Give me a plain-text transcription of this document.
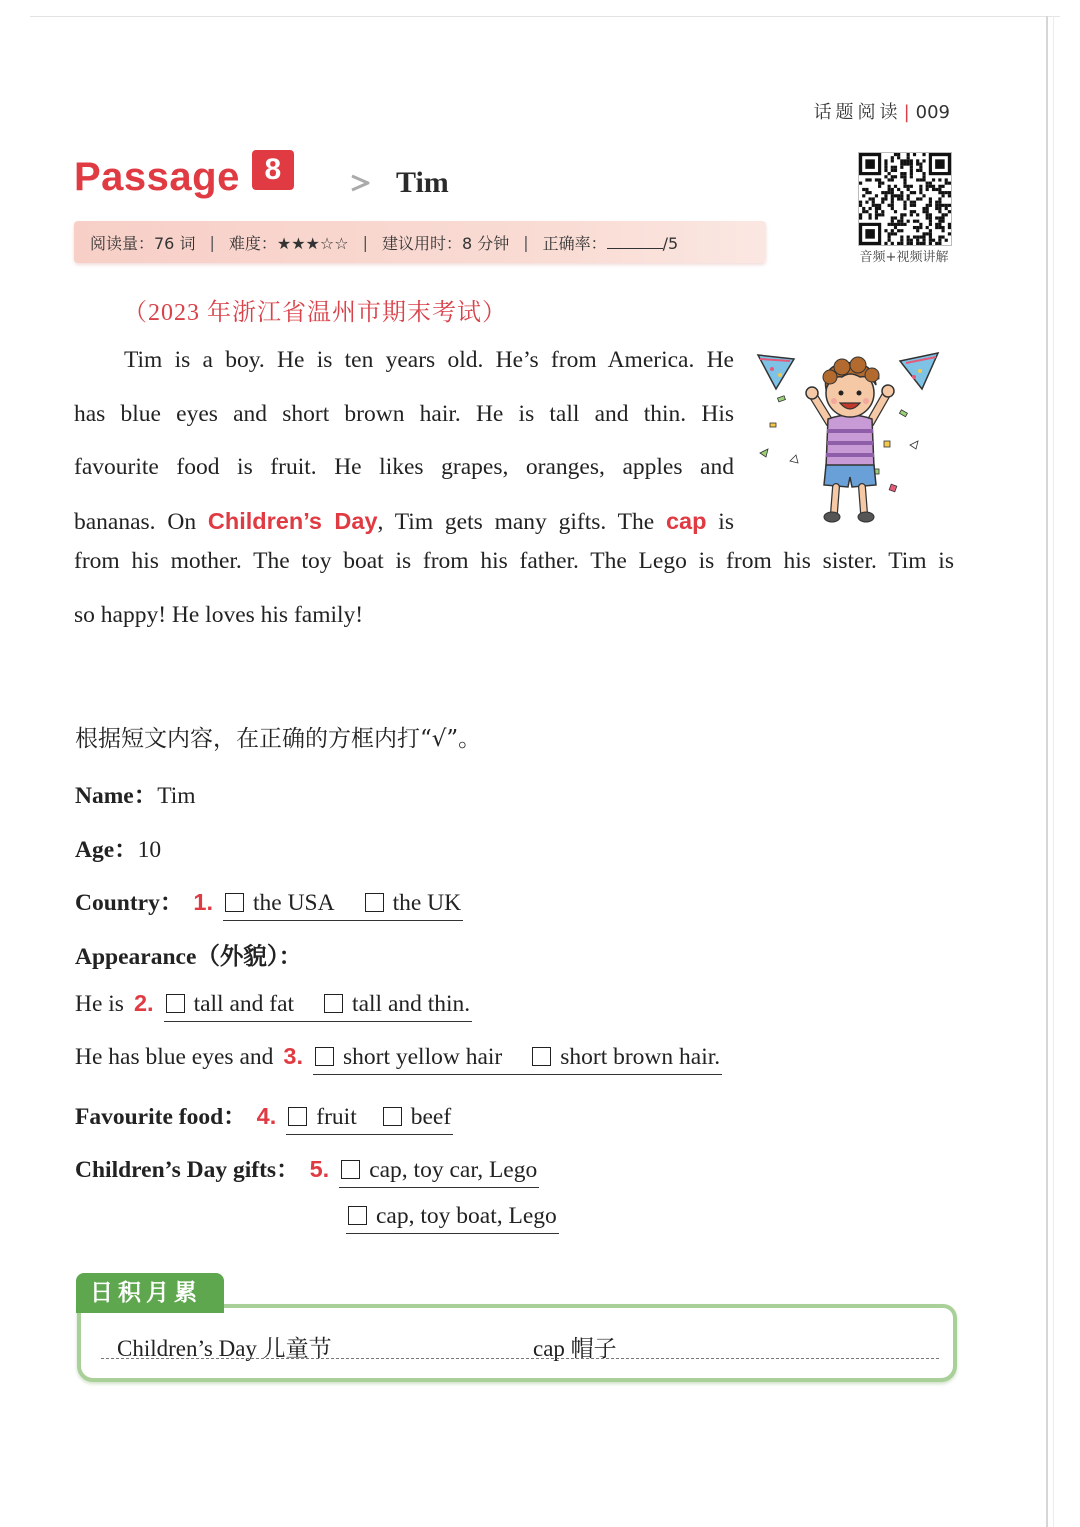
话题阅读 | 009
Passage 8	Tim
音频+视频讲解
阅读量：76 词 | 难度：★★★☆☆ | 建议用时：8 分钟 | 正确率：	/5
（2023 年浙江省温州市期末考试）
Tim is a boy. He is ten years old. He’s from America. He
has blue eyes and short brown hair. He is tall and thin. His
favourite food is fruit. He likes grapes, oranges, apples and
bananas. On Children’s Day, Tim gets many gifts. The cap is
from his mother. The toy boat is from his father. The Lego is from his sister. Tim is
so happy! He loves his family!
根据短文内容，在正确的方框内打“√”。
Name： Tim
Age： 10
Country： 1. the USA the UK
Appearance（外貌）：
He is 2. tall and fat tall and thin.
He has blue eyes and 3. short yellow hair short brown hair.
Favourite food： 4. fruit beef
Children’s Day gifts： 5. cap, toy car, Lego
cap, toy boat, Lego
Children’s Day 儿童节	cap 帽子
日积月累
